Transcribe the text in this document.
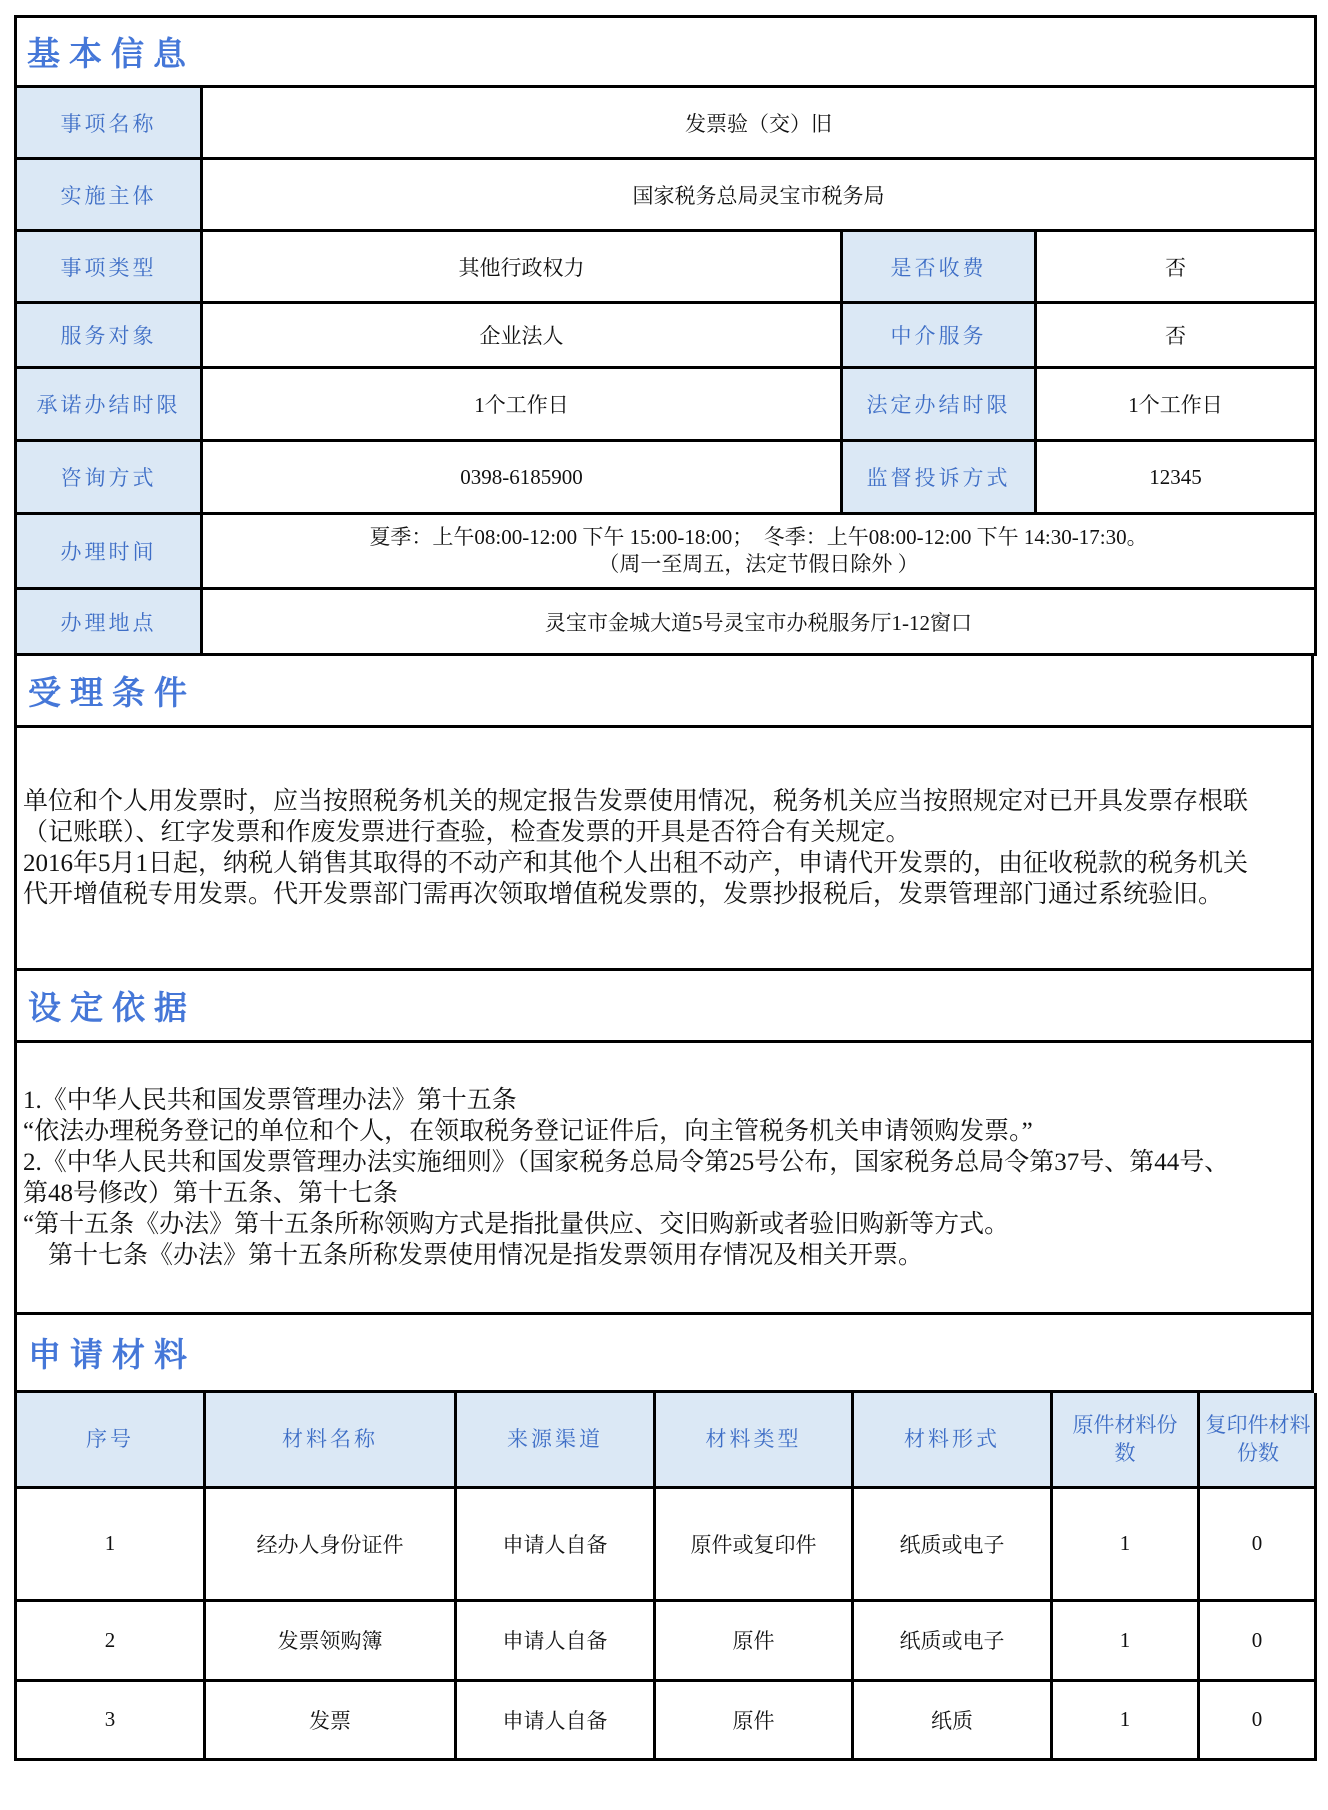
基本信息			
事项名称	发票验（交）旧		
实施主体	国家税务总局灵宝市税务局		
事项类型	其他行政权力	是否收费	否
服务对象	企业法人	中介服务	否
承诺办结时限	1个工作日	法定办结时限	1个工作日
咨询方式	0398-6185900	监督投诉方式	12345
办理时间	夏季：上午08:00-12:00 下午 15:00-18:00；　冬季：上午08:00-12:00 下午 14:30-17:30。
（周一至周五，法定节假日除外 ）		

办理地点	灵宝市金城大道5号灵宝市办税服务厅1-12窗口		
受理条件
单位和个人用发票时，应当按照税务机关的规定报告发票使用情况，税务机关应当按照规定对已开具发票存根联
（记账联）、红字发票和作废发票进行查验，检查发票的开具是否符合有关规定。
2016年5月1日起，纳税人销售其取得的不动产和其他个人出租不动产，申请代开发票的，由征收税款的税务机关
代开增值税专用发票。代开发票部门需再次领取增值税发票的，发票抄报税后，发票管理部门通过系统验旧。
设定依据
1.《中华人民共和国发票管理办法》第十五条
“依法办理税务登记的单位和个人，在领取税务登记证件后，向主管税务机关申请领购发票。”
2.《中华人民共和国发票管理办法实施细则》（国家税务总局令第25号公布，国家税务总局令第37号、第44号、
第48号修改）第十五条、第十七条
“第十五条《办法》第十五条所称领购方式是指批量供应、交旧购新或者验旧购新等方式。
　第十七条《办法》第十五条所称发票使用情况是指发票领用存情况及相关开票。
申请材料
序号	材料名称	来源渠道	材料类型	材料形式	原件材料份数	复印件材料份数

1	经办人身份证件	申请人自备	原件或复印件	纸质或电子	1	0
2	发票领购簿	申请人自备	原件	纸质或电子	1	0
3	发票	申请人自备	原件	纸质	1	0
